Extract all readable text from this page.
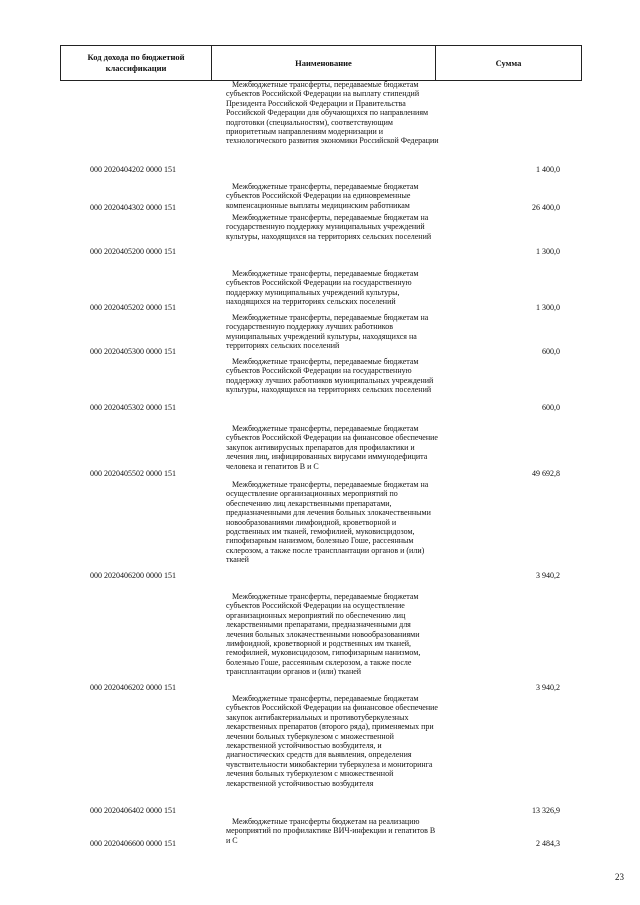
Код дохода по бюджетной классификации	Наименование	Сумма
Межбюджетные трансферты, передаваемые бюджетам субъектов Российской Федерации на выплату стипендий Президента Российской Федерации и Правительства Российской Федерации для обучающихся по направлениям подготовки (специальностям), соответствующим приоритетным направлениям модернизации и технологического развития экономики Российской Федерации
000 2020404202 0000 151	1 400,0
Межбюджетные трансферты, передаваемые бюджетам субъектов Российской Федерации на единовременные компенсационные выплаты медицинским работникам
000 2020404302 0000 151	26 400,0
Межбюджетные трансферты, передаваемые бюджетам на государственную поддержку муниципальных учреждений культуры, находящихся на территориях сельских поселений
000 2020405200 0000 151	1 300,0
Межбюджетные трансферты, передаваемые бюджетам субъектов Российской Федерации на государственную поддержку муниципальных учреждений культуры, находящихся на территориях сельских поселений
000 2020405202 0000 151	1 300,0
Межбюджетные трансферты, передаваемые бюджетам на государственную поддержку лучших работников муниципальных учреждений культуры, находящихся на территориях сельских поселений
000 2020405300 0000 151	600,0
Межбюджетные трансферты, передаваемые бюджетам субъектов Российской Федерации на государственную поддержку лучших работников муниципальных учреждений культуры, находящихся на территориях сельских поселений
000 2020405302 0000 151	600,0
Межбюджетные трансферты, передаваемые бюджетам субъектов Российской Федерации на финансовое обеспечение закупок антивирусных препаратов для профилактики и лечения лиц, инфицированных вирусами иммунодефицита человека и гепатитов В и С
000 2020405502 0000 151	49 692,8
Межбюджетные трансферты, передаваемые бюджетам на осуществление организационных мероприятий по обеспечению лиц лекарственными препаратами, предназначенными для лечения больных злокачественными новообразованиями лимфоидной, кроветворной и родственных им тканей, гемофилией, муковисцидозом, гипофизарным нанизмом, болезнью Гоше, рассеянным склерозом, а также после трансплантации органов и (или) тканей
000 2020406200 0000 151	3 940,2
Межбюджетные трансферты, передаваемые бюджетам субъектов Российской Федерации на осуществление организационных мероприятий по обеспечению лиц лекарственными препаратами, предназначенными для лечения больных злокачественными новообразованиями лимфоидной, кроветворной и родственных им тканей, гемофилией, муковисцидозом, гипофизарным нанизмом, болезнью Гоше, рассеянным склерозом, а также после трансплантации органов и (или) тканей
000 2020406202 0000 151	3 940,2
Межбюджетные трансферты, передаваемые бюджетам субъектов Российской Федерации на финансовое обеспечение закупок антибактериальных и противотуберкулезных лекарственных препаратов (второго ряда), применяемых при лечении больных туберкулезом с множественной лекарственной устойчивостью возбудителя, и диагностических средств для выявления, определения чувствительности микобактерии туберкулеза и мониторинга лечения больных туберкулезом с множественной лекарственной устойчивостью возбудителя
000 2020406402 0000 151	13 326,9
Межбюджетные трансферты бюджетам на реализацию мероприятий по профилактике ВИЧ-инфекции и гепатитов В и С
000 2020406600 0000 151	2 484,3
23
